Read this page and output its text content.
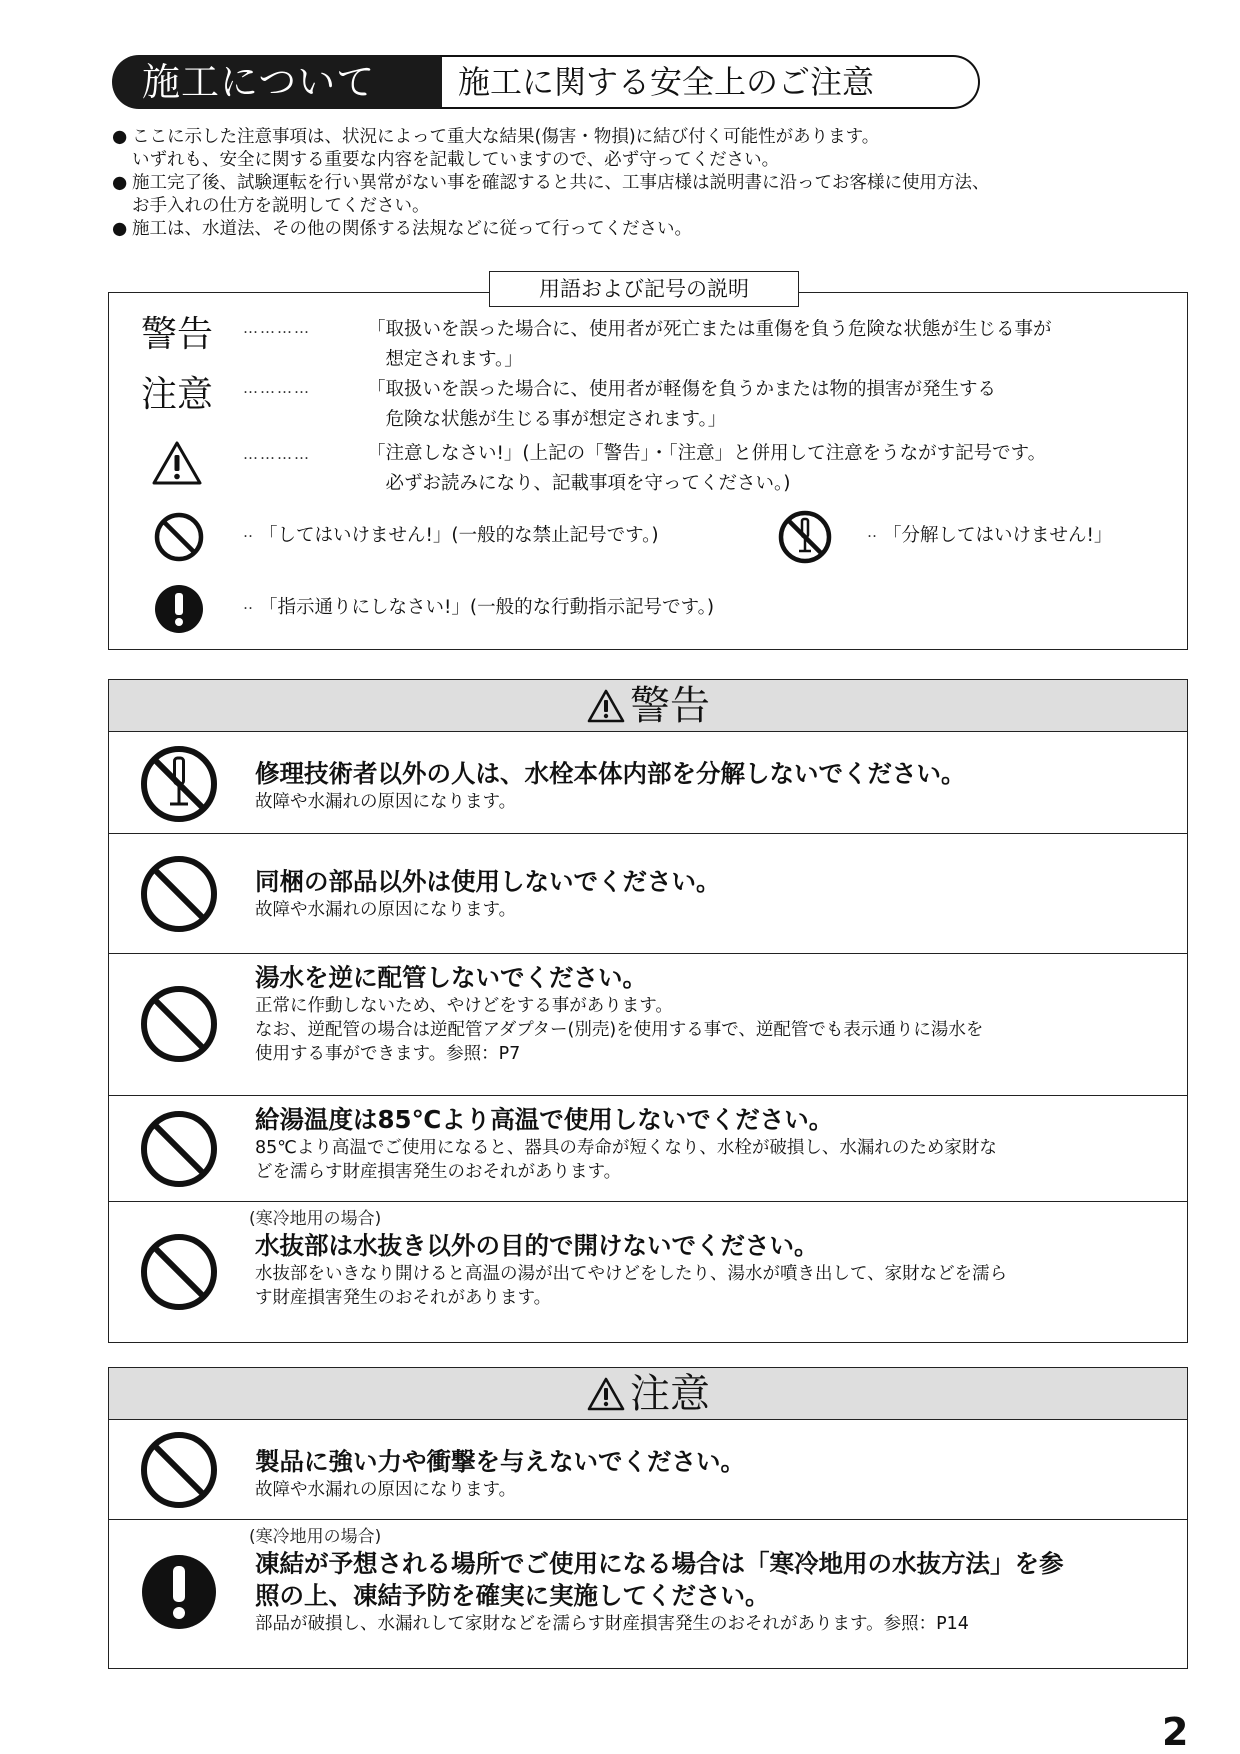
施工について	施工に関する安全上のご注意
● ここに示した注意事項は、状況によって重大な結果(傷害・物損)に結び付く可能性があります。
いずれも、安全に関する重要な内容を記載していますので、必ず守ってください。
● 施工完了後、試験運転を行い異常がない事を確認すると共に、工事店様は説明書に沿ってお客様に使用方法、
お手入れの仕方を説明してください。
● 施工は、水道法、その他の関係する法規などに従って行ってください。
用語および記号の説明
警告 …………	「取扱いを誤った場合に、使用者が死亡または重傷を負う危険な状態が生じる事が
　想定されます。」
注意 …………	「取扱いを誤った場合に、使用者が軽傷を負うかまたは物的損害が発生する
　危険な状態が生じる事が想定されます。」
…………	「注意しなさい!」(上記の「警告」・「注意」と併用して注意をうながす記号です。
　必ずお読みになり、記載事項を守ってください。)
‥ 「してはいけません!」(一般的な禁止記号です。)	‥ 「分解してはいけません!」
‥ 「指示通りにしなさい!」(一般的な行動指示記号です。)
警告
修理技術者以外の人は、水栓本体内部を分解しないでください。
故障や水漏れの原因になります。
同梱の部品以外は使用しないでください。
故障や水漏れの原因になります。
湯水を逆に配管しないでください。
正常に作動しないため、やけどをする事があります。
なお、逆配管の場合は逆配管アダプター(別売)を使用する事で、逆配管でも表示通りに湯水を
使用する事ができます。参照：P7
給湯温度は85℃より高温で使用しないでください。
85℃より高温でご使用になると、器具の寿命が短くなり、水栓が破損し、水漏れのため家財な
どを濡らす財産損害発生のおそれがあります。
(寒冷地用の場合)
水抜部は水抜き以外の目的で開けないでください。
水抜部をいきなり開けると高温の湯が出てやけどをしたり、湯水が噴き出して、家財などを濡ら
す財産損害発生のおそれがあります。
注意
製品に強い力や衝撃を与えないでください。
故障や水漏れの原因になります。
(寒冷地用の場合)
凍結が予想される場所でご使用になる場合は「寒冷地用の水抜方法」を参
照の上、凍結予防を確実に実施してください。
部品が破損し、水漏れして家財などを濡らす財産損害発生のおそれがあります。参照：P14
2
